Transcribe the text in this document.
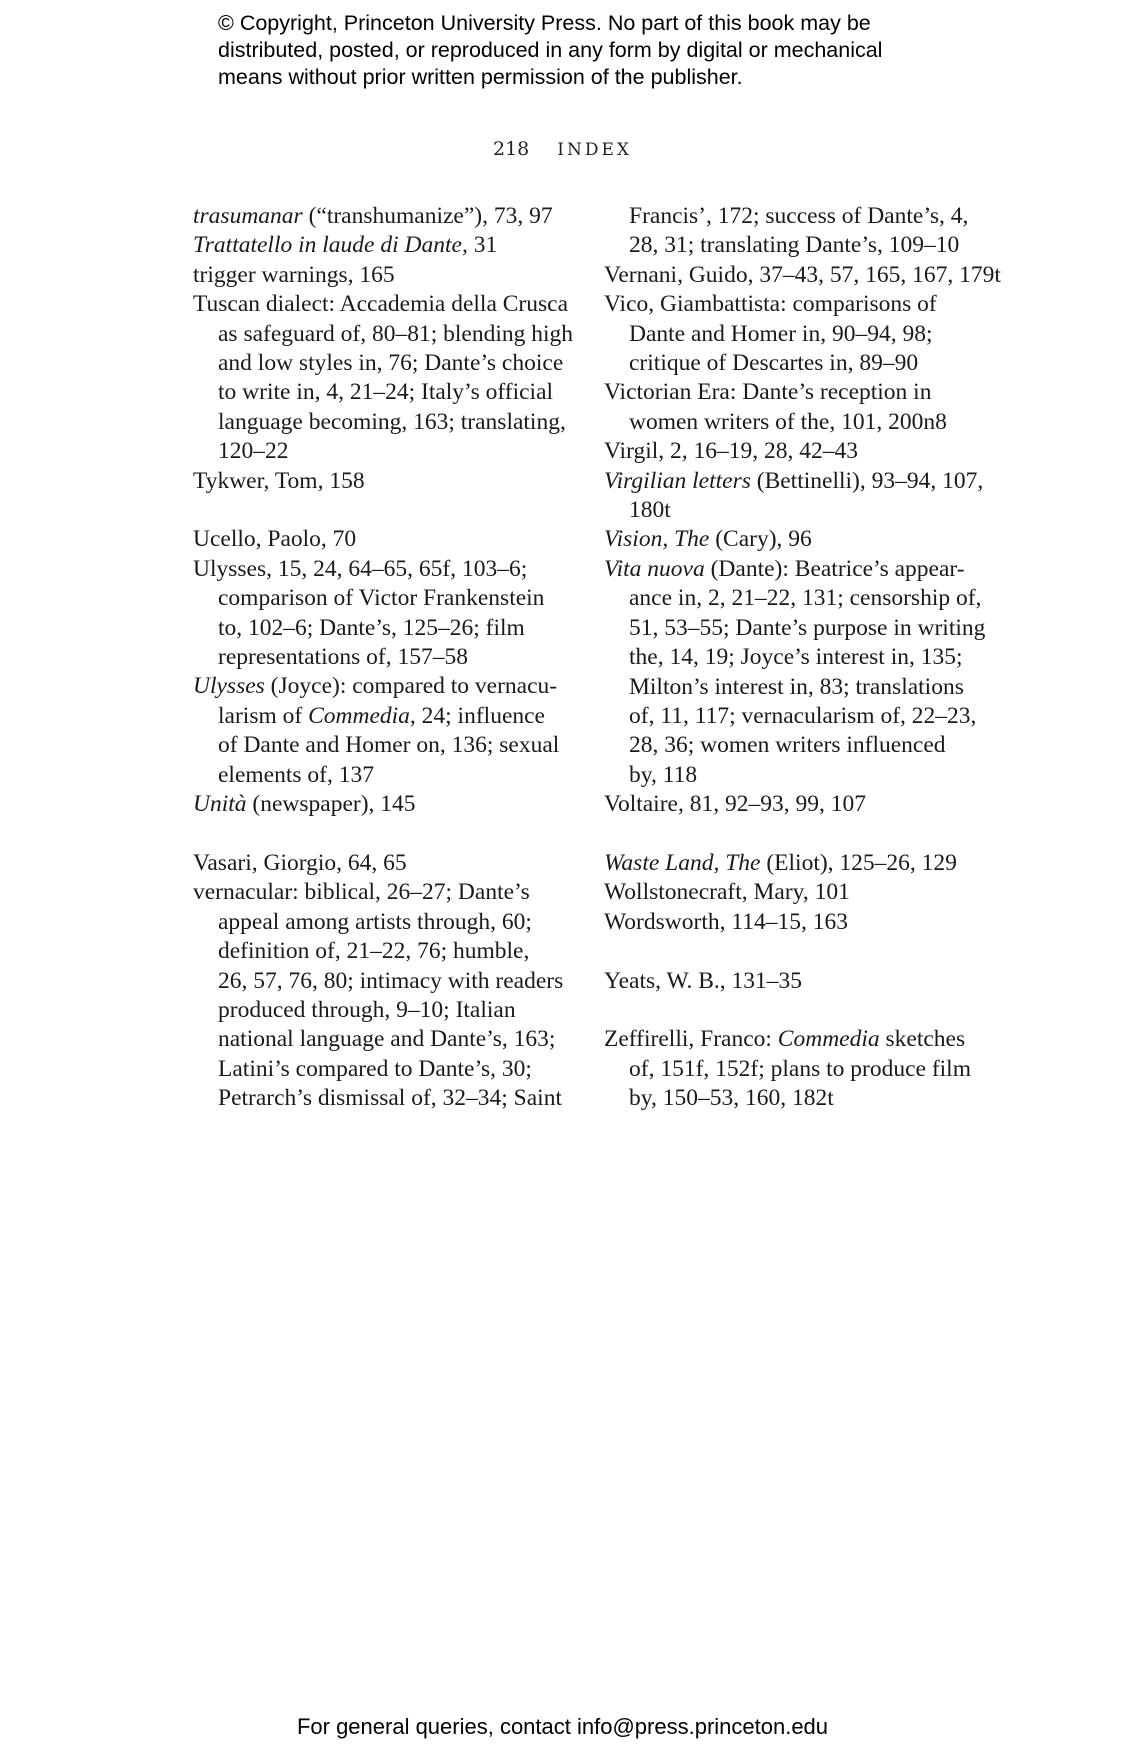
© Copyright, Princeton University Press. No part of this book may be
distributed, posted, or reproduced in any form by digital or mechanical
means without prior written permission of the publisher.
218 INDEX
trasumanar (“transhumanize”), 73, 97
Trattatello in laude di Dante, 31
trigger warnings, 165
Tuscan dialect: Accademia della Crusca
as safeguard of, 80–81; blending high
and low styles in, 76; Dante’s choice
to write in, 4, 21–24; Italy’s official
language becoming, 163; translating,
120–22
Tykwer, Tom, 158
Ucello, Paolo, 70
Ulysses, 15, 24, 64–65, 65f, 103–6;
comparison of Victor Frankenstein
to, 102–6; Dante’s, 125–26; film
representations of, 157–58
Ulysses (Joyce): compared to vernacu-
larism of Commedia, 24; influence
of Dante and Homer on, 136; sexual
elements of, 137
Unità (newspaper), 145
Vasari, Giorgio, 64, 65
vernacular: biblical, 26–27; Dante’s
appeal among artists through, 60;
definition of, 21–22, 76; humble,
26, 57, 76, 80; intimacy with readers
produced through, 9–10; Italian
national language and Dante’s, 163;
Latini’s compared to Dante’s, 30;
Petrarch’s dismissal of, 32–34; Saint
Francis’, 172; success of Dante’s, 4,
28, 31; translating Dante’s, 109–10
Vernani, Guido, 37–43, 57, 165, 167, 179t
Vico, Giambattista: comparisons of
Dante and Homer in, 90–94, 98;
critique of Descartes in, 89–90
Victorian Era: Dante’s reception in
women writers of the, 101, 200n8
Virgil, 2, 16–19, 28, 42–43
Virgilian letters (Bettinelli), 93–94, 107,
180t
Vision, The (Cary), 96
Vita nuova (Dante): Beatrice’s appear-
ance in, 2, 21–22, 131; censorship of,
51, 53–55; Dante’s purpose in writing
the, 14, 19; Joyce’s interest in, 135;
Milton’s interest in, 83; translations
of, 11, 117; vernacularism of, 22–23,
28, 36; women writers influenced
by, 118
Voltaire, 81, 92–93, 99, 107
Waste Land, The (Eliot), 125–26, 129
Wollstonecraft, Mary, 101
Wordsworth, 114–15, 163
Yeats, W. B., 131–35
Zeffirelli, Franco: Commedia sketches
of, 151f, 152f; plans to produce film
by, 150–53, 160, 182t
For general queries, contact info@press.princeton.edu
